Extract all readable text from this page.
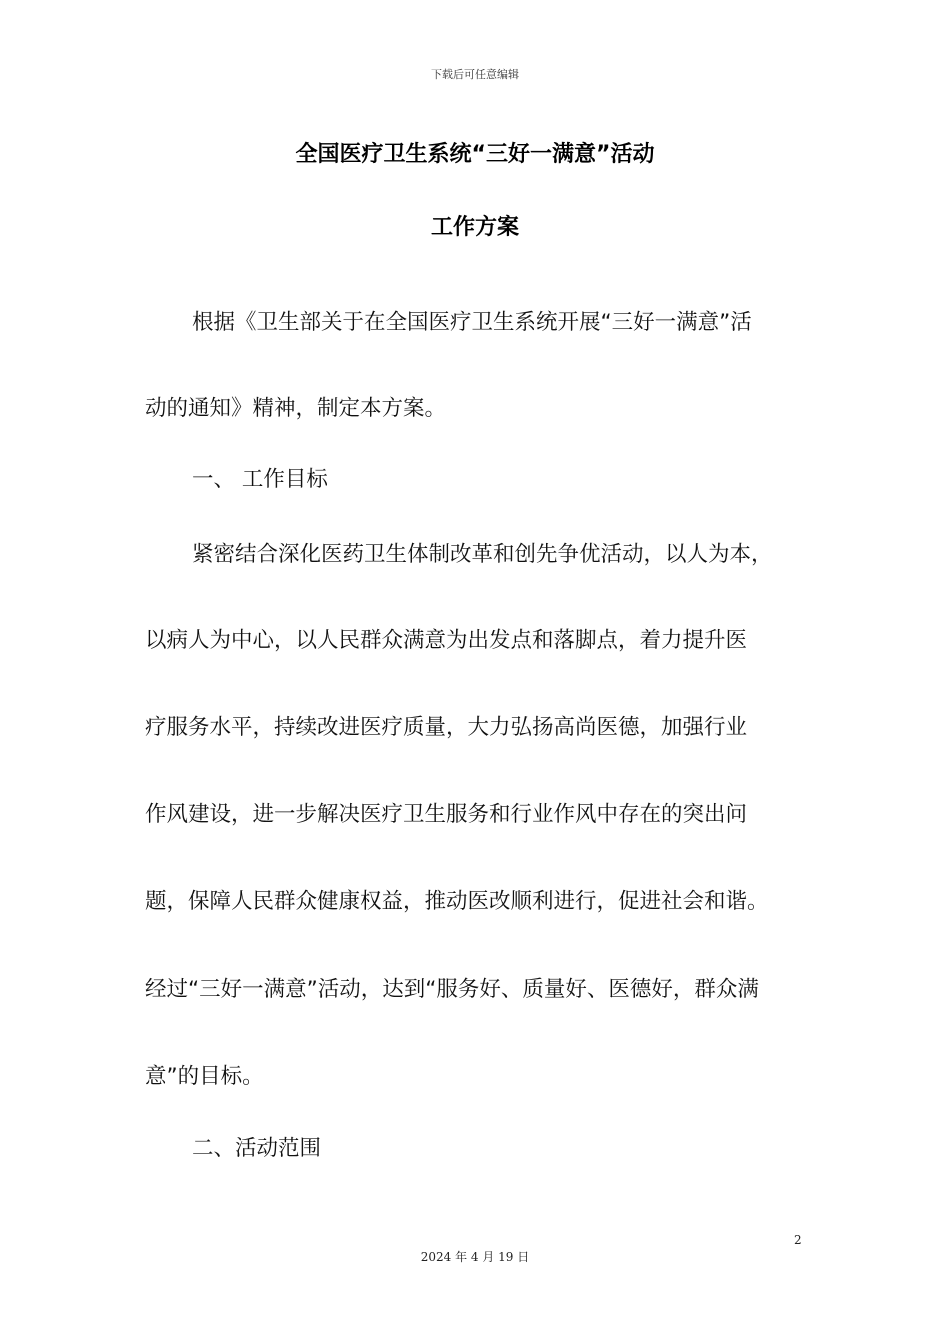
下载后可任意编辑
全国医疗卫生系统“三好一满意”活动
工作方案
根据《卫生部关于在全国医疗卫生系统开展“三好一满意”活
动的通知》精神，制定本方案。
一、 工作目标
紧密结合深化医药卫生体制改革和创先争优活动，以人为本，
以病人为中心，以人民群众满意为出发点和落脚点，着力提升医
疗服务水平，持续改进医疗质量，大力弘扬高尚医德，加强行业
作风建设，进一步解决医疗卫生服务和行业作风中存在的突出问
题，保障人民群众健康权益，推动医改顺利进行，促进社会和谐。
经过“三好一满意”活动，达到“服务好、质量好、医德好，群众满
意”的目标。
二、活动范围
2
2024 年 4 月 19 日
